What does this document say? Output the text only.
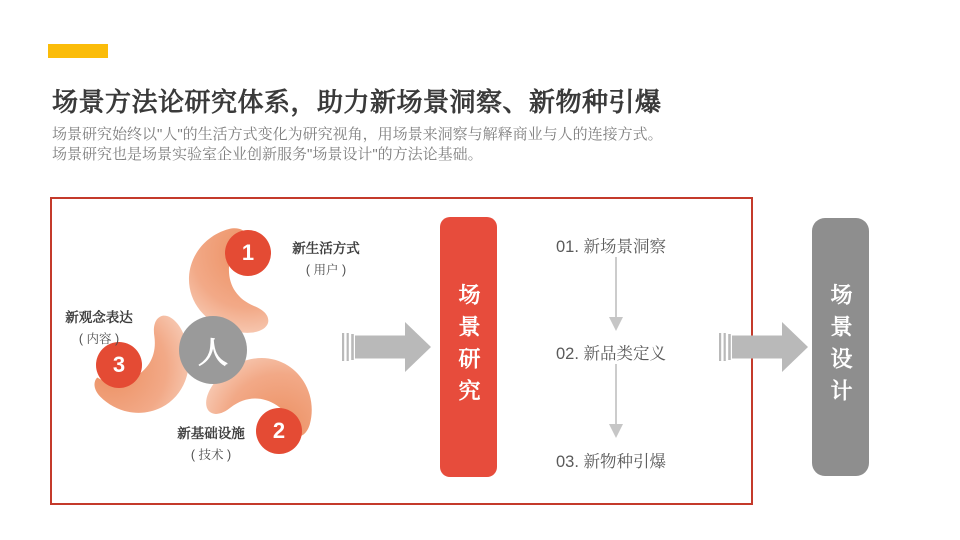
场景方法论研究体系，助力新场景洞察、新物种引爆
场景研究始终以"人"的生活方式变化为研究视角，用场景来洞察与解释商业与人的连接方式。
场景研究也是场景实验室企业创新服务"场景设计"的方法论基础。
人
1
2
3
新生活方式
( 用户 )
新基础设施
( 技术 )
新观念表达
( 内容 )	场景研究	场景设计
01. 新场景洞察
02. 新品类定义
03. 新物种引爆
